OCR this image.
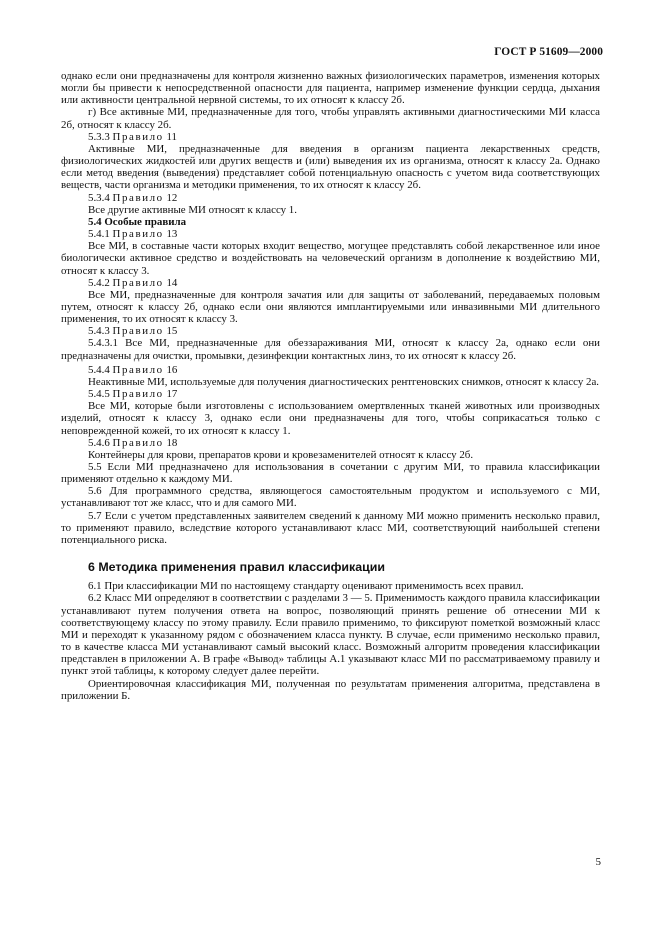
ГОСТ Р 51609—2000

однако если они предназначены для контроля жизненно важных физиологических параметров, изменения которых могли бы привести к непосредственной опасности для пациента, например изменение функции сердца, дыхания или активности центральной нервной системы, то их относят к классу 2б.

г) Все активные МИ, предназначенные для того, чтобы управлять активными диагностическими МИ класса 2б, относят к классу 2б.

5.3.3 Правило 11

Активные МИ, предназначенные для введения в организм пациента лекарственных средств, физиологических жидкостей или других веществ и (или) выведения их из организма, относят к классу 2а. Однако если метод введения (выведения) представляет собой потенциальную опасность с учетом вида соответствующих веществ, части организма и методики применения, то их относят к классу 2б.

5.3.4 Правило 12

Все другие активные МИ относят к классу 1.

5.4 Особые правила

5.4.1 Правило 13

Все МИ, в составные части которых входит вещество, могущее представлять собой лекарственное или иное биологически активное средство и воздействовать на человеческий организм в дополнение к воздействию МИ, относят к классу 3.

5.4.2 Правило 14

Все МИ, предназначенные для контроля зачатия или для защиты от заболеваний, передаваемых половым путем, относят к классу 2б, однако если они являются имплантируемыми или инвазивными МИ длительного применения, то их относят к классу 3.

5.4.3 Правило 15

5.4.3.1 Все МИ, предназначенные для обеззараживания МИ, относят к классу 2а, однако если они предназначены для очистки, промывки, дезинфекции контактных линз, то их относят к классу 2б.

5.4.4 Правило 16

Неактивные МИ, используемые для получения диагностических рентгеновских снимков, относят к классу 2а.

5.4.5 Правило 17

Все МИ, которые были изготовлены с использованием омертвленных тканей животных или производных изделий, относят к классу 3, однако если они предназначены для того, чтобы соприкасаться только с неповрежденной кожей, то их относят к классу 1.

5.4.6 Правило 18

Контейнеры для крови, препаратов крови и кровезаменителей относят к классу 2б.

5.5 Если МИ предназначено для использования в сочетании с другим МИ, то правила классификации применяют отдельно к каждому МИ.

5.6 Для программного средства, являющегося самостоятельным продуктом и используемого с МИ, устанавливают тот же класс, что и для самого МИ.

5.7 Если с учетом представленных заявителем сведений к данному МИ можно применить несколько правил, то применяют правило, вследствие которого устанавливают класс МИ, соответствующий наибольшей степени потенциального риска.

6 Методика применения правил классификации

6.1 При классификации МИ по настоящему стандарту оценивают применимость всех правил.

6.2 Класс МИ определяют в соответствии с разделами 3 — 5. Применимость каждого правила классификации устанавливают путем получения ответа на вопрос, позволяющий принять решение об отнесении МИ к соответствующему классу по этому правилу. Если правило применимо, то фиксируют пометкой возможный класс МИ и переходят к указанному рядом с обозначением класса пункту. В случае, если применимо несколько правил, то в качестве класса МИ устанавливают самый высокий класс. Возможный алгоритм проведения классификации представлен в приложении А. В графе «Вывод» таблицы А.1 указывают класс МИ по рассматриваемому правилу и пункт этой таблицы, к которому следует далее перейти.

Ориентировочная классификация МИ, полученная по результатам применения алгоритма, представлена в приложении Б.

5
